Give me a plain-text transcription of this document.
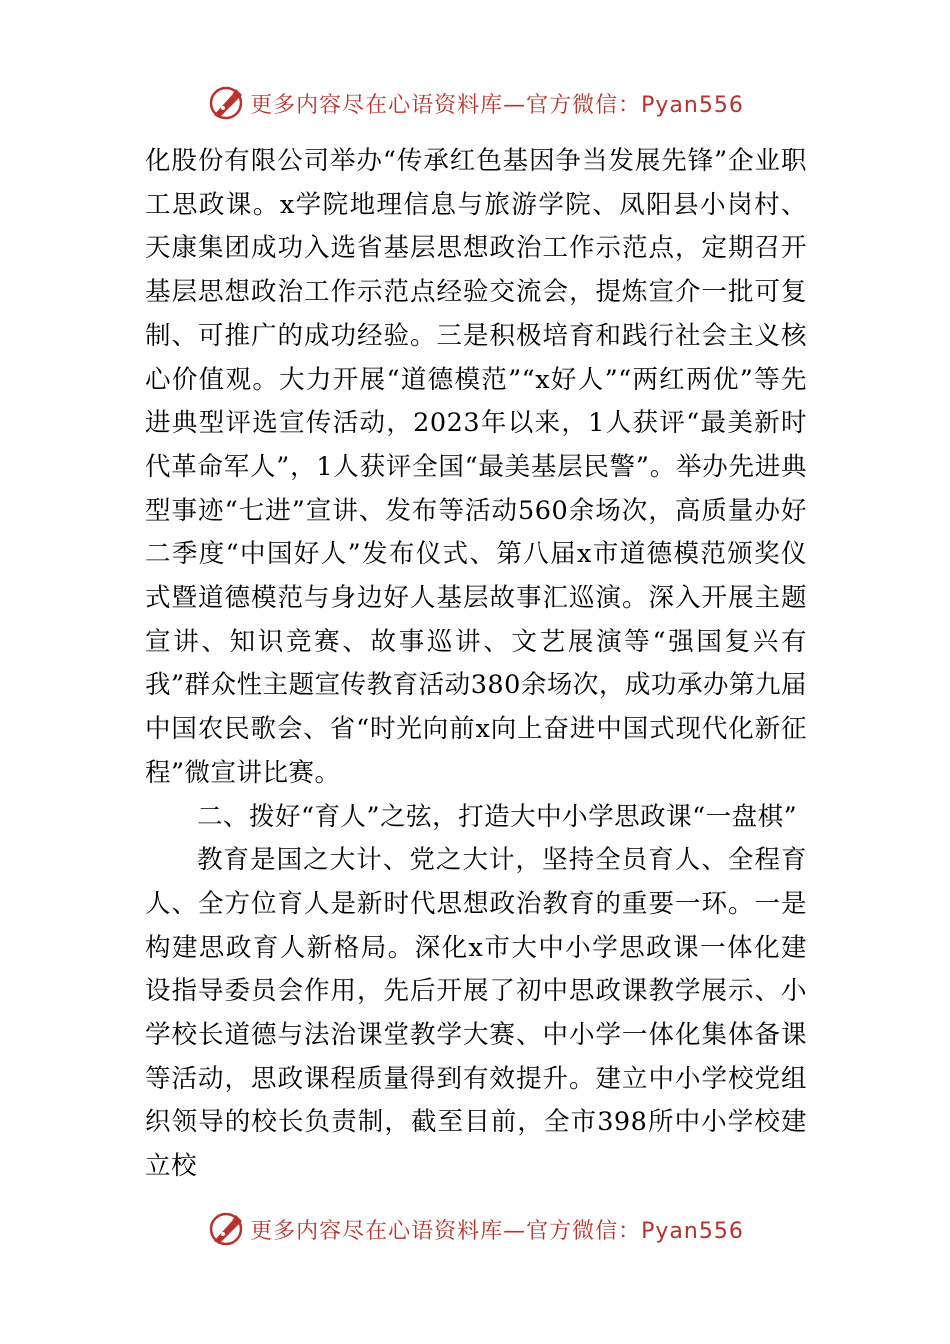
更多内容尽在心语资料库—官方微信：Pyan556

化股份有限公司举办“传承红色基因争当发展先锋”企业职工思政课。x学院地理信息与旅游学院、凤阳县小岗村、天康集团成功入选省基层思想政治工作示范点，定期召开基层思想政治工作示范点经验交流会，提炼宣介一批可复制、可推广的成功经验。三是积极培育和践行社会主义核心价值观。大力开展“道德模范”“x好人”“两红两优”等先进典型评选宣传活动，2023年以来，1人获评“最美新时代革命军人”，1人获评全国“最美基层民警”。举办先进典型事迹“七进”宣讲、发布等活动560余场次，高质量办好二季度“中国好人”发布仪式、第八届x市道德模范颁奖仪式暨道德模范与身边好人基层故事汇巡演。深入开展主题宣讲、知识竞赛、故事巡讲、文艺展演等“强国复兴有我”群众性主题宣传教育活动380余场次，成功承办第九届中国农民歌会、省“时光向前x向上奋进中国式现代化新征程”微宣讲比赛。

二、拨好“育人”之弦，打造大中小学思政课“一盘棋”

教育是国之大计、党之大计，坚持全员育人、全程育人、全方位育人是新时代思想政治教育的重要一环。一是构建思政育人新格局。深化x市大中小学思政课一体化建设指导委员会作用，先后开展了初中思政课教学展示、小学校长道德与法治课堂教学大赛、中小学一体化集体备课等活动，思政课程质量得到有效提升。建立中小学校党组织领导的校长负责制，截至目前，全市398所中小学校建立校

更多内容尽在心语资料库—官方微信：Pyan556
